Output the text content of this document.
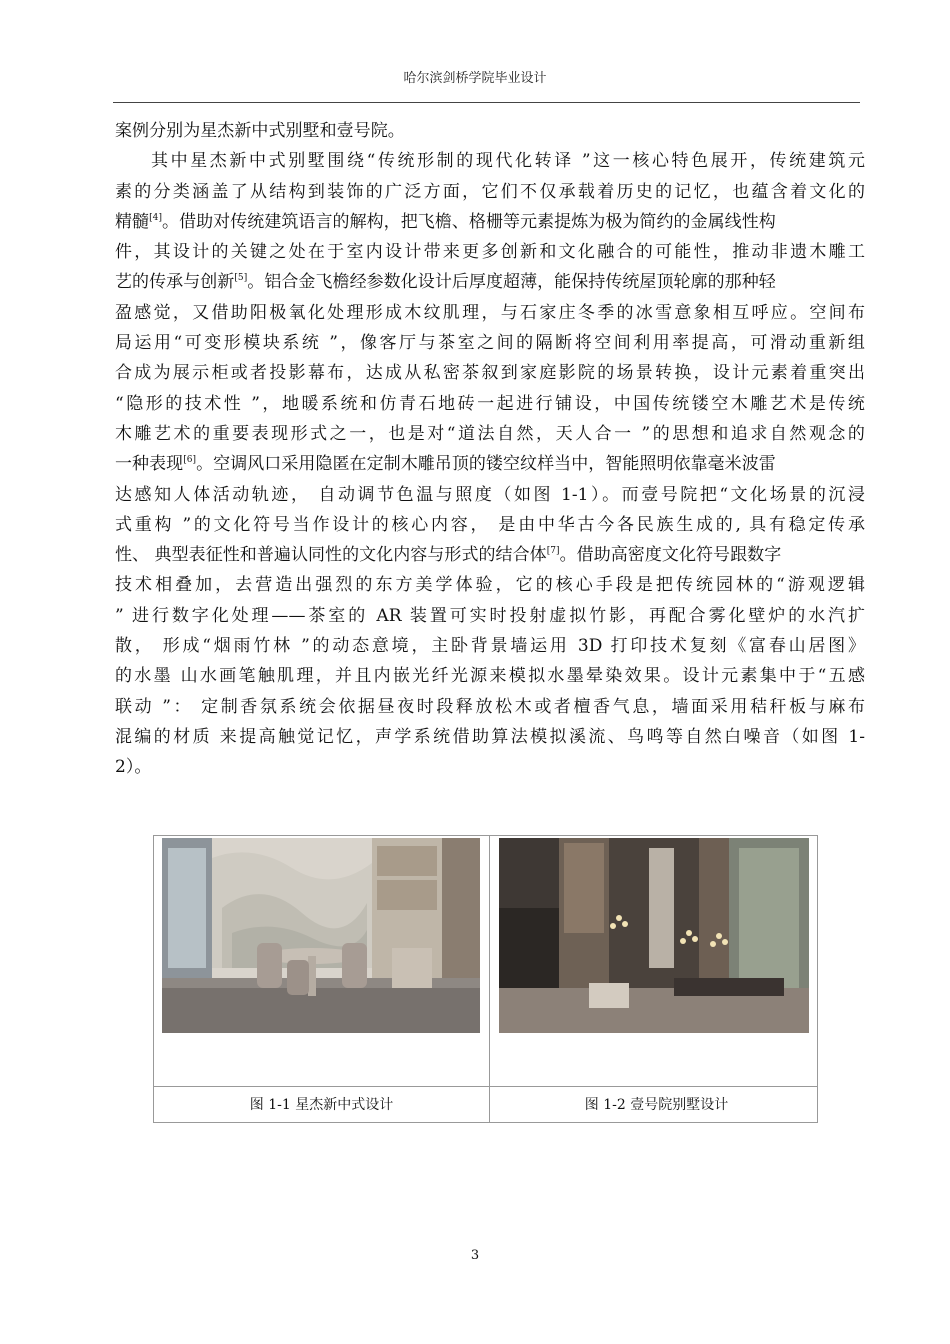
哈尔滨剑桥学院毕业设计
案例分别为星杰新中式别墅和壹号院。
其中星杰新中式别墅围绕“传统形制的现代化转译 ”这一核心特色展开，传统建筑元
素的分类涵盖了从结构到装饰的广泛方面，它们不仅承载着历史的记忆，也蕴含着文化的
精髓[4]。借助对传统建筑语言的解构，把飞檐、格栅等元素提炼为极为简约的金属线性构
件，其设计的关键之处在于室内设计带来更多创新和文化融合的可能性，推动非遗木雕工
艺的传承与创新[5]。铝合金飞檐经参数化设计后厚度超薄，能保持传统屋顶轮廓的那种轻
盈感觉，又借助阳极氧化处理形成木纹肌理，与石家庄冬季的冰雪意象相互呼应。空间布
局运用“可变形模块系统 ”，像客厅与茶室之间的隔断将空间利用率提高，可滑动重新组
合成为展示柜或者投影幕布，达成从私密茶叙到家庭影院的场景转换，设计元素着重突出
“隐形的技术性 ”，地暖系统和仿青石地砖一起进行铺设，中国传统镂空木雕艺术是传统
木雕艺术的重要表现形式之一，也是对“道法自然，天人合一 ”的思想和追求自然观念的
一种表现[6]。空调风口采用隐匿在定制木雕吊顶的镂空纹样当中，智能照明依靠毫米波雷
达感知人体活动轨迹， 自动调节色温与照度（如图 1-1）。而壹号院把“文化场景的沉浸
式重构 ”的文化符号当作设计的核心内容， 是由中华古今各民族生成的, 具有稳定传承
性、 典型表征性和普遍认同性的文化内容与形式的结合体[7]。借助高密度文化符号跟数字
技术相叠加，去营造出强烈的东方美学体验，它的核心手段是把传统园林的“游观逻辑
” 进行数字化处理——茶室的 AR 装置可实时投射虚拟竹影，再配合雾化壁炉的水汽扩
散， 形成“烟雨竹林 ”的动态意境，主卧背景墙运用 3D 打印技术复刻《富春山居图》
的水墨 山水画笔触肌理，并且内嵌光纤光源来模拟水墨晕染效果。设计元素集中于“五感
联动 ”： 定制香氛系统会依据昼夜时段释放松木或者檀香气息，墙面采用秸秆板与麻布
混编的材质 来提高触觉记忆，声学系统借助算法模拟溪流、鸟鸣等自然白噪音（如图 1-
2）。
图 1-1 星杰新中式设计	图 1-2 壹号院别墅设计
3
